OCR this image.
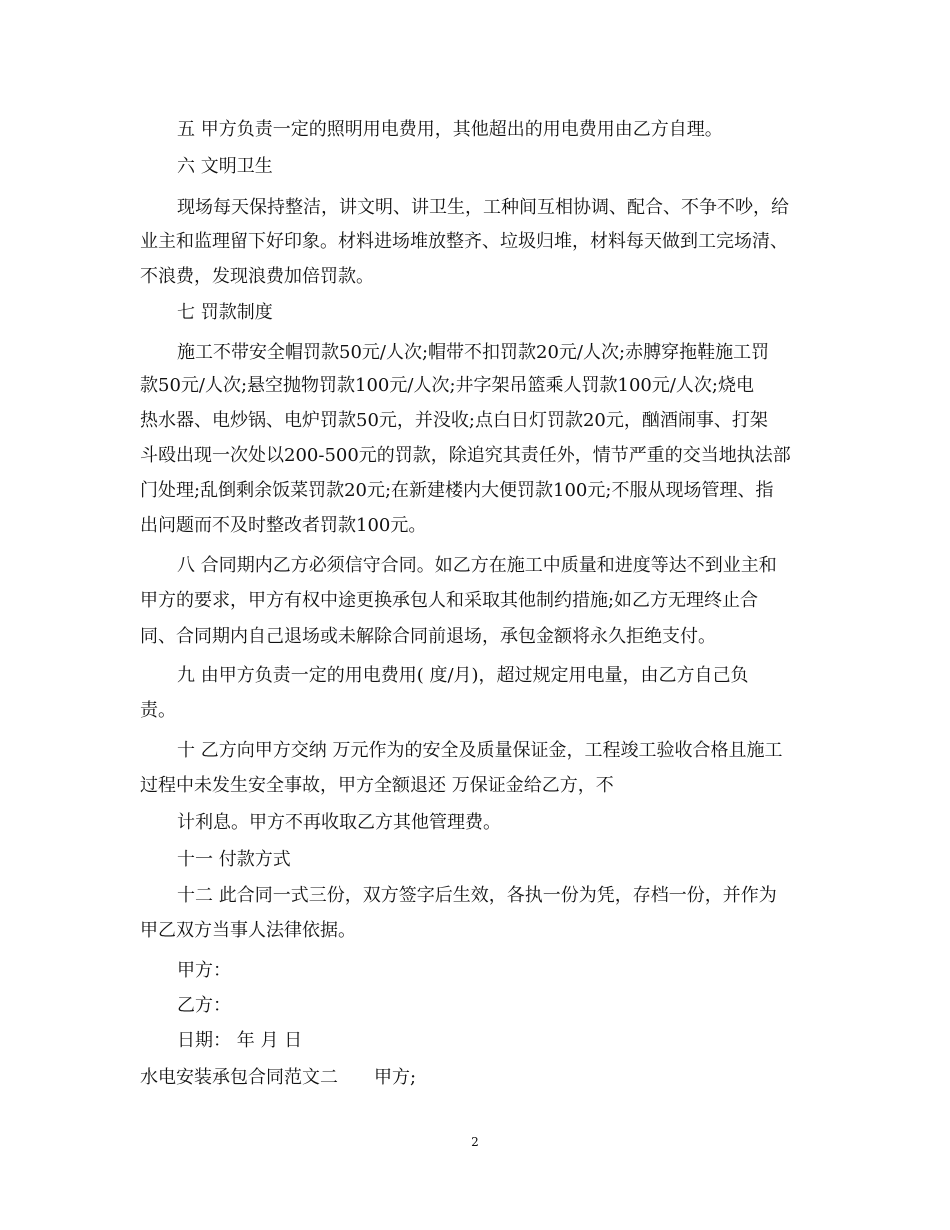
五 甲方负责一定的照明用电费用，其他超出的用电费用由乙方自理。
六 文明卫生
现场每天保持整洁，讲文明、讲卫生，工种间互相协调、配合、不争不吵，给
业主和监理留下好印象。材料进场堆放整齐、垃圾归堆，材料每天做到工完场清、
不浪费，发现浪费加倍罚款。
七 罚款制度
施工不带安全帽罚款50元/人次;帽带不扣罚款20元/人次;赤膊穿拖鞋施工罚
款50元/人次;悬空抛物罚款100元/人次;井字架吊篮乘人罚款100元/人次;烧电
热水器、电炒锅、电炉罚款50元，并没收;点白日灯罚款20元，酗酒闹事、打架
斗殴出现一次处以200-500元的罚款，除追究其责任外，情节严重的交当地执法部
门处理;乱倒剩余饭菜罚款20元;在新建楼内大便罚款100元;不服从现场管理、指
出问题而不及时整改者罚款100元。
八 合同期内乙方必须信守合同。如乙方在施工中质量和进度等达不到业主和
甲方的要求，甲方有权中途更换承包人和采取其他制约措施;如乙方无理终止合
同、合同期内自己退场或未解除合同前退场，承包金额将永久拒绝支付。
九 由甲方负责一定的用电费用( 度/月)，超过规定用电量，由乙方自己负
责。
十 乙方向甲方交纳 万元作为的安全及质量保证金，工程竣工验收合格且施工
过程中未发生安全事故，甲方全额退还 万保证金给乙方，不
计利息。甲方不再收取乙方其他管理费。
十一 付款方式
十二 此合同一式三份，双方签字后生效，各执一份为凭，存档一份，并作为
甲乙双方当事人法律依据。
甲方：
乙方：
日期： 年 月 日
水电安装承包合同范文二　　甲方;
2
